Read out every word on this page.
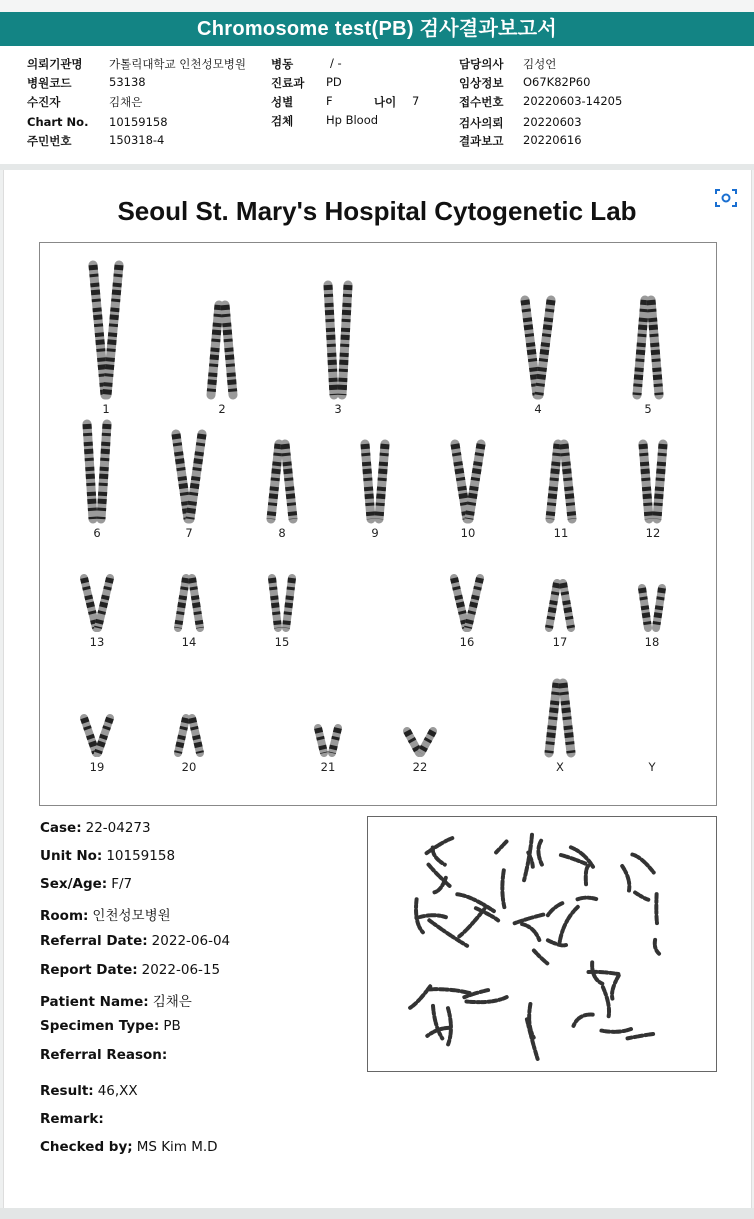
Chromosome test(PB) 검사결과보고서
의뢰기관명 가톨릭대학교 인천성모병원
병원코드	53138
수진자	김채은
Chart No. 10159158
주민번호	150318-4
병동	/ -
진료과 PD
성별	F	나이 7
검체	Hp Blood
담당의사 김성언
임상정보 O67K82P60
접수번호 20220603-14205
검사의뢰 20220603
결과보고 20220616
Seoul St. Mary's Hospital Cytogenetic Lab
1	2	3	4	5
6	7	8	9	10	11	12
13	14	15	16	17	18
19	20	21	22	X	Y
Case: 22-04273
Unit No: 10159158
Sex/Age: F/7
Room: 인천성모병원
Referral Date: 2022-06-04
Report Date: 2022-06-15
Patient Name: 김채은
Specimen Type: PB
Referral Reason:
Result: 46,XX
Remark:
Checked by; MS Kim M.D
